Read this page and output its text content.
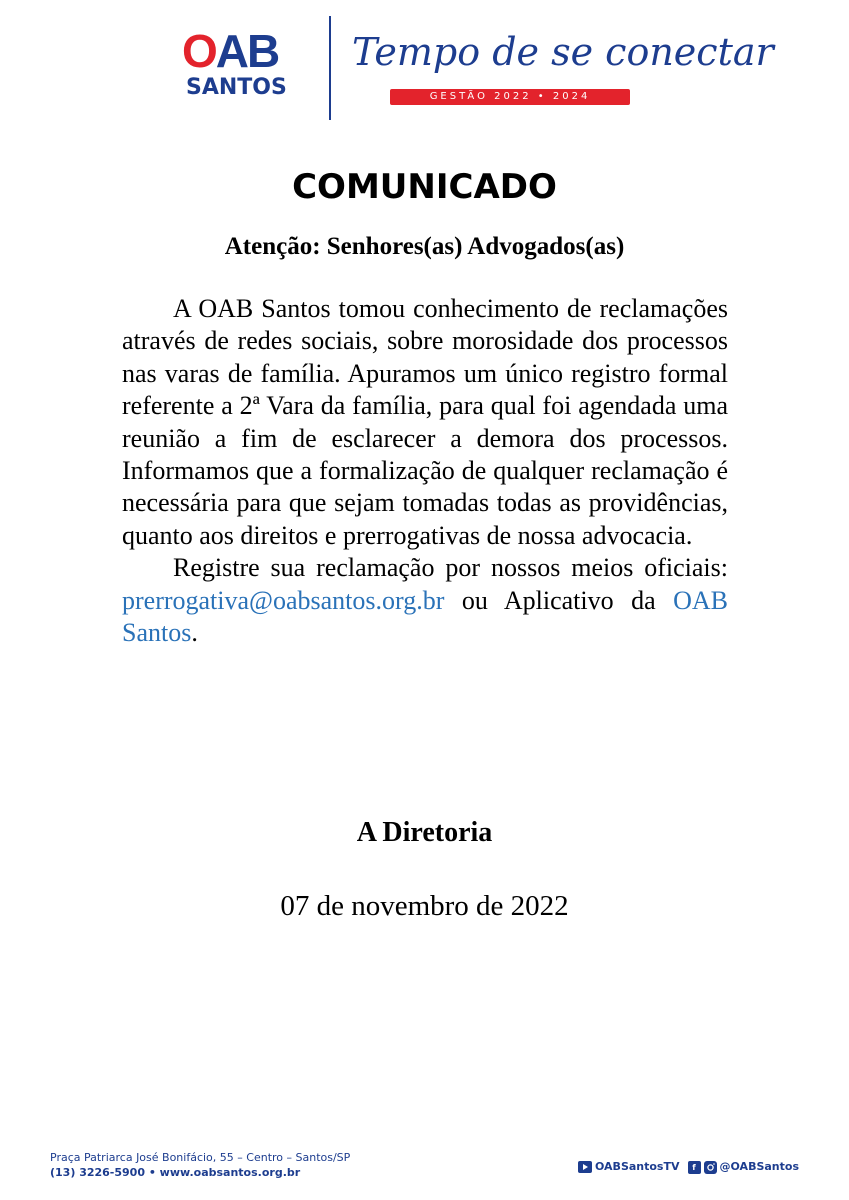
OAB
SANTOS
Tempo de se conectar
GESTÃO 2022 • 2024
COMUNICADO
Atenção: Senhores(as) Advogados(as)

A OAB Santos tomou conhecimento de reclamações através de redes sociais, sobre morosidade dos processos nas varas de família. Apuramos um único registro formal referente a 2ª Vara da família, para qual foi agendada uma reunião a fim de esclarecer a demora dos processos. Informamos que a formalização de qualquer reclamação é necessária para que sejam tomadas todas as providências, quanto aos direitos e prerrogativas de nossa advocacia.

Registre sua reclamação por nossos meios oficiais: prerrogativa@oabsantos.org.br ou Aplicativo da OAB Santos.

A Diretoria
07 de novembro de 2022
Praça Patriarca José Bonifácio, 55 – Centro – Santos/SP
(13) 3226-5900 • www.oabsantos.org.br	OABSantosTV	f	@OABSantos
